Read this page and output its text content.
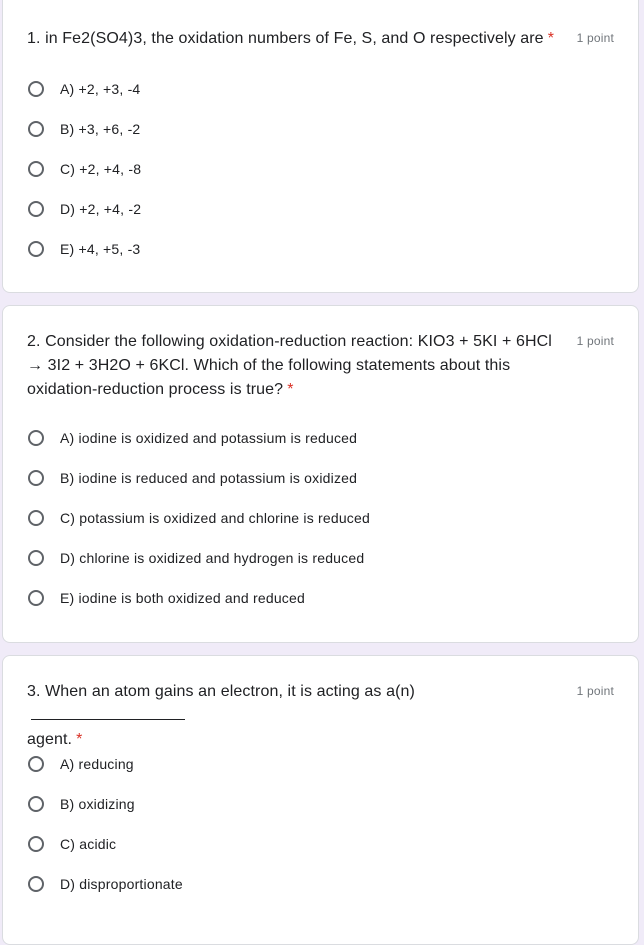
1. in Fe2(SO4)3, the oxidation numbers of Fe, S, and O respectively are * 1 point
A) +2, +3, -4
B) +3, +6, -2
C) +2, +4, -8
D) +2, +4, -2
E) +4, +5, -3
2. Consider the following oxidation-reduction reaction: KIO3 + 5KI + 6HCl → 3I2 + 3H2O + 6KCl. Which of the following statements about this oxidation-reduction process is true? *
1 point
A) iodine is oxidized and potassium is reduced
B) iodine is reduced and potassium is oxidized
C) potassium is oxidized and chlorine is reduced
D) chlorine is oxidized and hydrogen is reduced
E) iodine is both oxidized and reduced
3. When an atom gains an electron, it is acting as a(n)
agent. *
1 point
A) reducing
B) oxidizing
C) acidic
D) disproportionate
